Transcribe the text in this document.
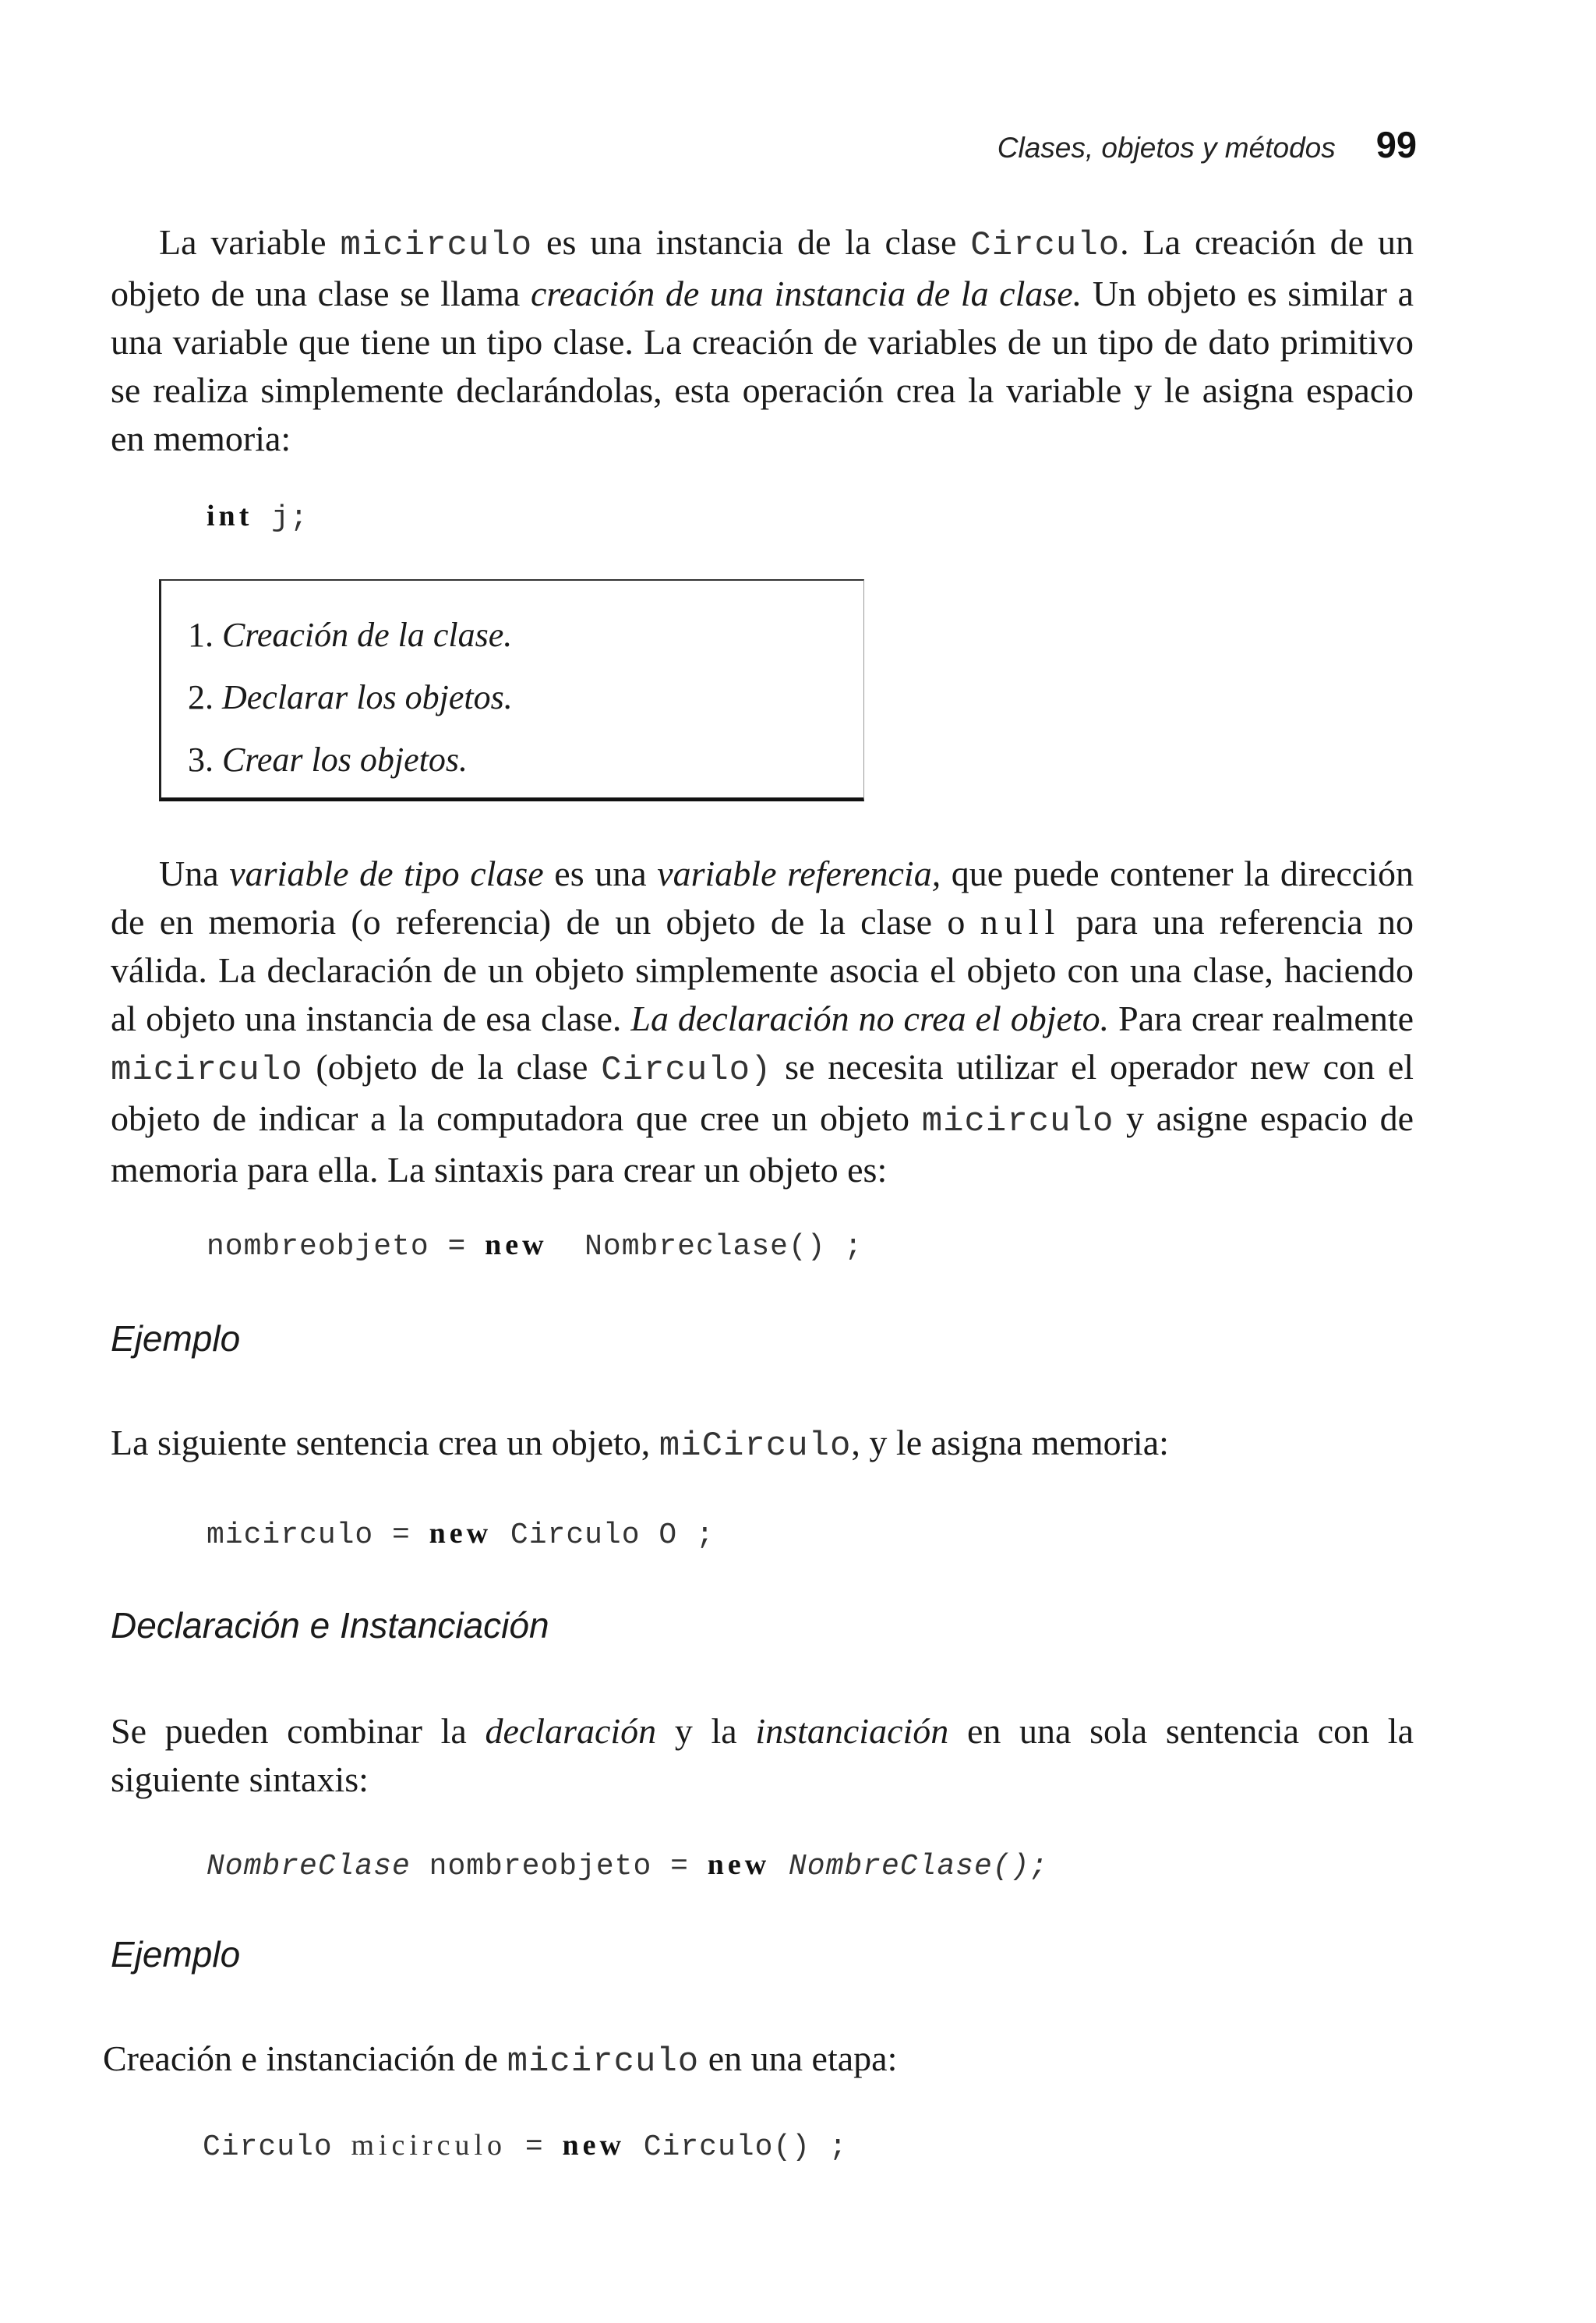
Clases, objetos y métodos 99

La variable micirculo es una instancia de la clase Circulo. La creación de un objeto de una clase se llama creación de una instancia de la clase. Un objeto es similar a una variable que tiene un tipo clase. La creación de variables de un tipo de dato primitivo se realiza simplemente declarándolas, esta operación crea la variable y le asigna espacio en memoria:

int j;
1. Creación de la clase.
2. Declarar los objetos.
3. Crear los objetos.

Una variable de tipo clase es una variable referencia, que puede contener la dirección de en memoria (o referencia) de un objeto de la clase o null para una referencia no válida. La declaración de un objeto simplemente asocia el objeto con una clase, haciendo al objeto una instancia de esa clase. La declaración no crea el objeto. Para crear realmente micirculo (objeto de la clase Circulo) se necesita utilizar el operador new con el objeto de indicar a la computadora que cree un objeto micirculo y asigne espacio de memoria para ella. La sintaxis para crear un objeto es:

nombreobjeto = new  Nombreclase() ;
Ejemplo

La siguiente sentencia crea un objeto, miCirculo, y le asigna memoria:

micirculo = new Circulo O ;
Declaración e Instanciación

Se pueden combinar la declaración y la instanciación en una sola sentencia con la siguiente sintaxis:

NombreClase nombreobjeto = new NombreClase();
Ejemplo

Creación e instanciación de micirculo en una etapa:

Circulo micirculo = new Circulo() ;
